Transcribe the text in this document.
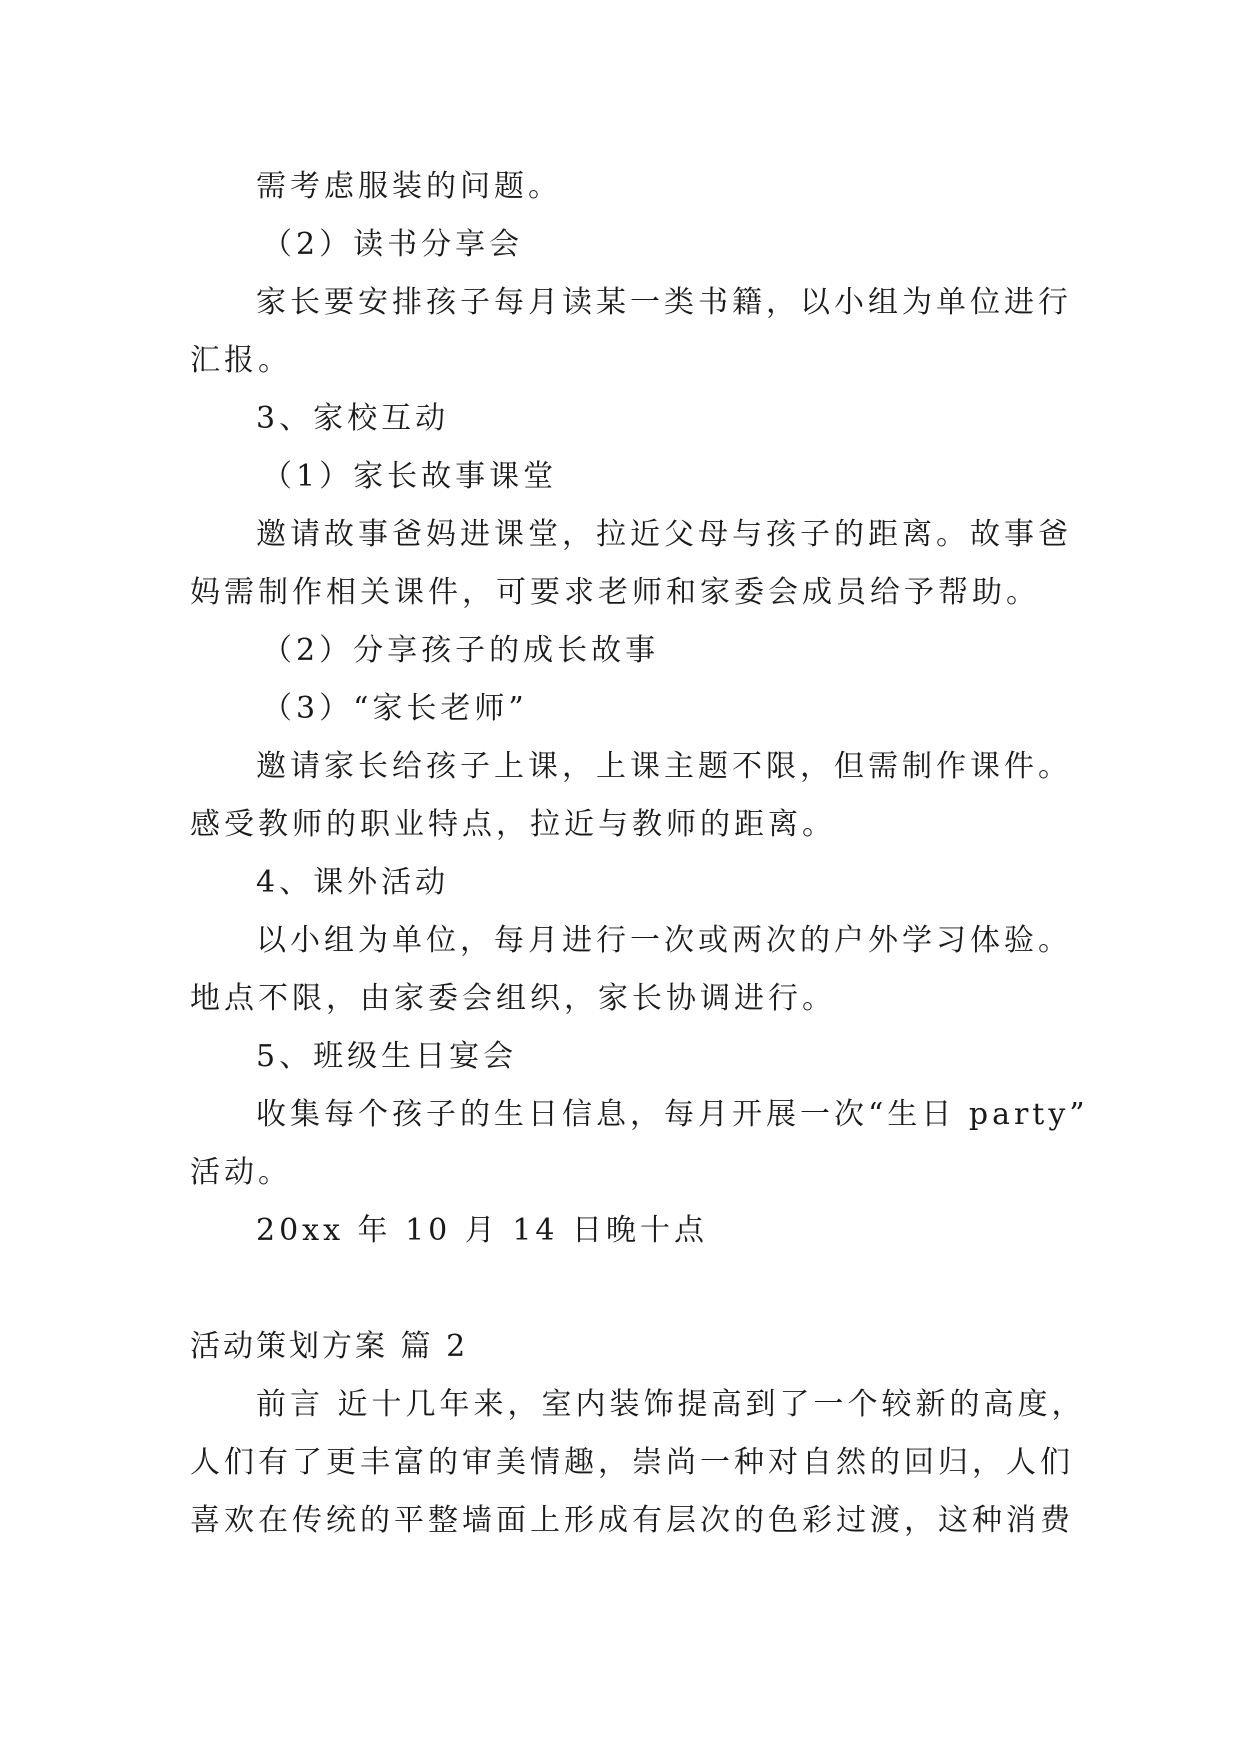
需考虑服装的问题。
（2）读书分享会
家长要安排孩子每月读某一类书籍，以小组为单位进行
汇报。
3、家校互动
（1）家长故事课堂
邀请故事爸妈进课堂，拉近父母与孩子的距离。故事爸
妈需制作相关课件，可要求老师和家委会成员给予帮助。
（2）分享孩子的成长故事
（3）“家长老师”
邀请家长给孩子上课，上课主题不限，但需制作课件。
感受教师的职业特点，拉近与教师的距离。
4、课外活动
以小组为单位，每月进行一次或两次的户外学习体验。
地点不限，由家委会组织，家长协调进行。
5、班级生日宴会
收集每个孩子的生日信息，每月开展一次“生日 party”
活动。
20xx 年 10 月 14 日晚十点
活动策划方案 篇 2
前言 近十几年来，室内装饰提高到了一个较新的高度，
人们有了更丰富的审美情趣，崇尚一种对自然的回归，人们
喜欢在传统的平整墙面上形成有层次的色彩过渡，这种消费
